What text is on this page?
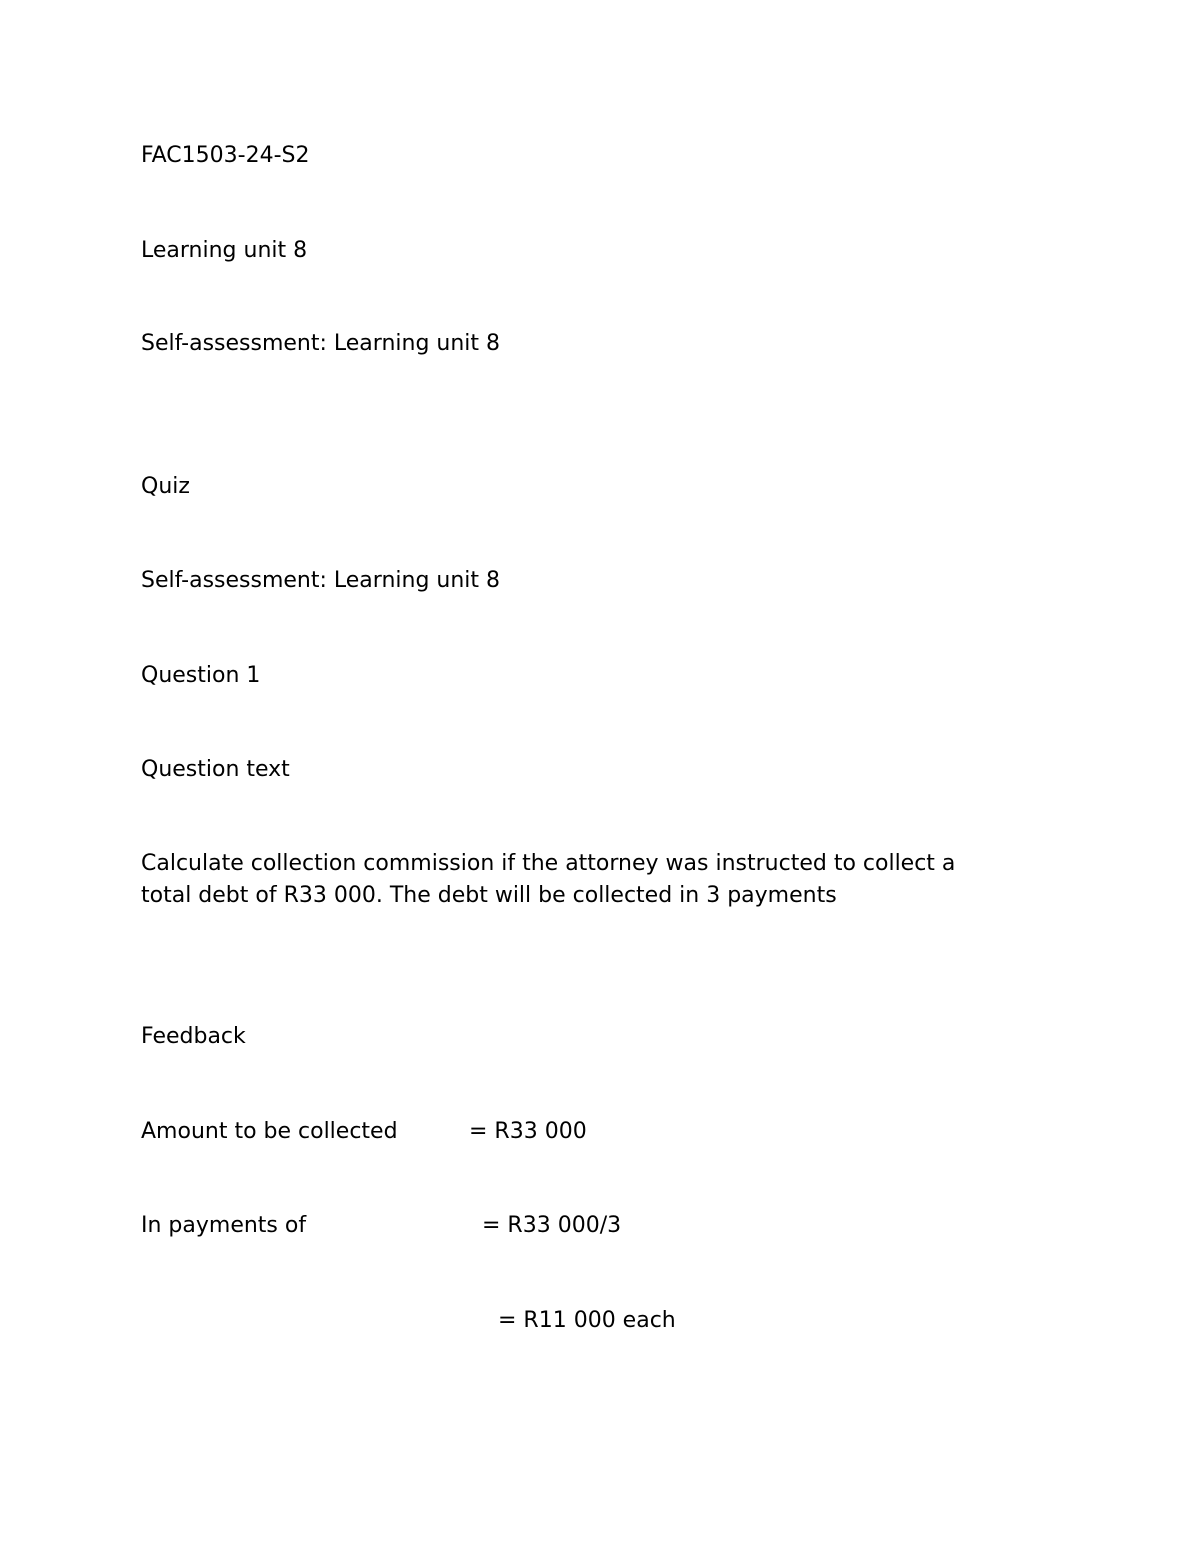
FAC1503-24-S2

Learning unit 8

Self-assessment: Learning unit 8

Quiz

Self-assessment: Learning unit 8

Question 1

Question text

Calculate collection commission if the attorney was instructed to collect a

total debt of R33 000. The debt will be collected in 3 payments

Feedback

Amount to be collected	= R33 000
In payments of	= R33 000/3
= R11 000 each
